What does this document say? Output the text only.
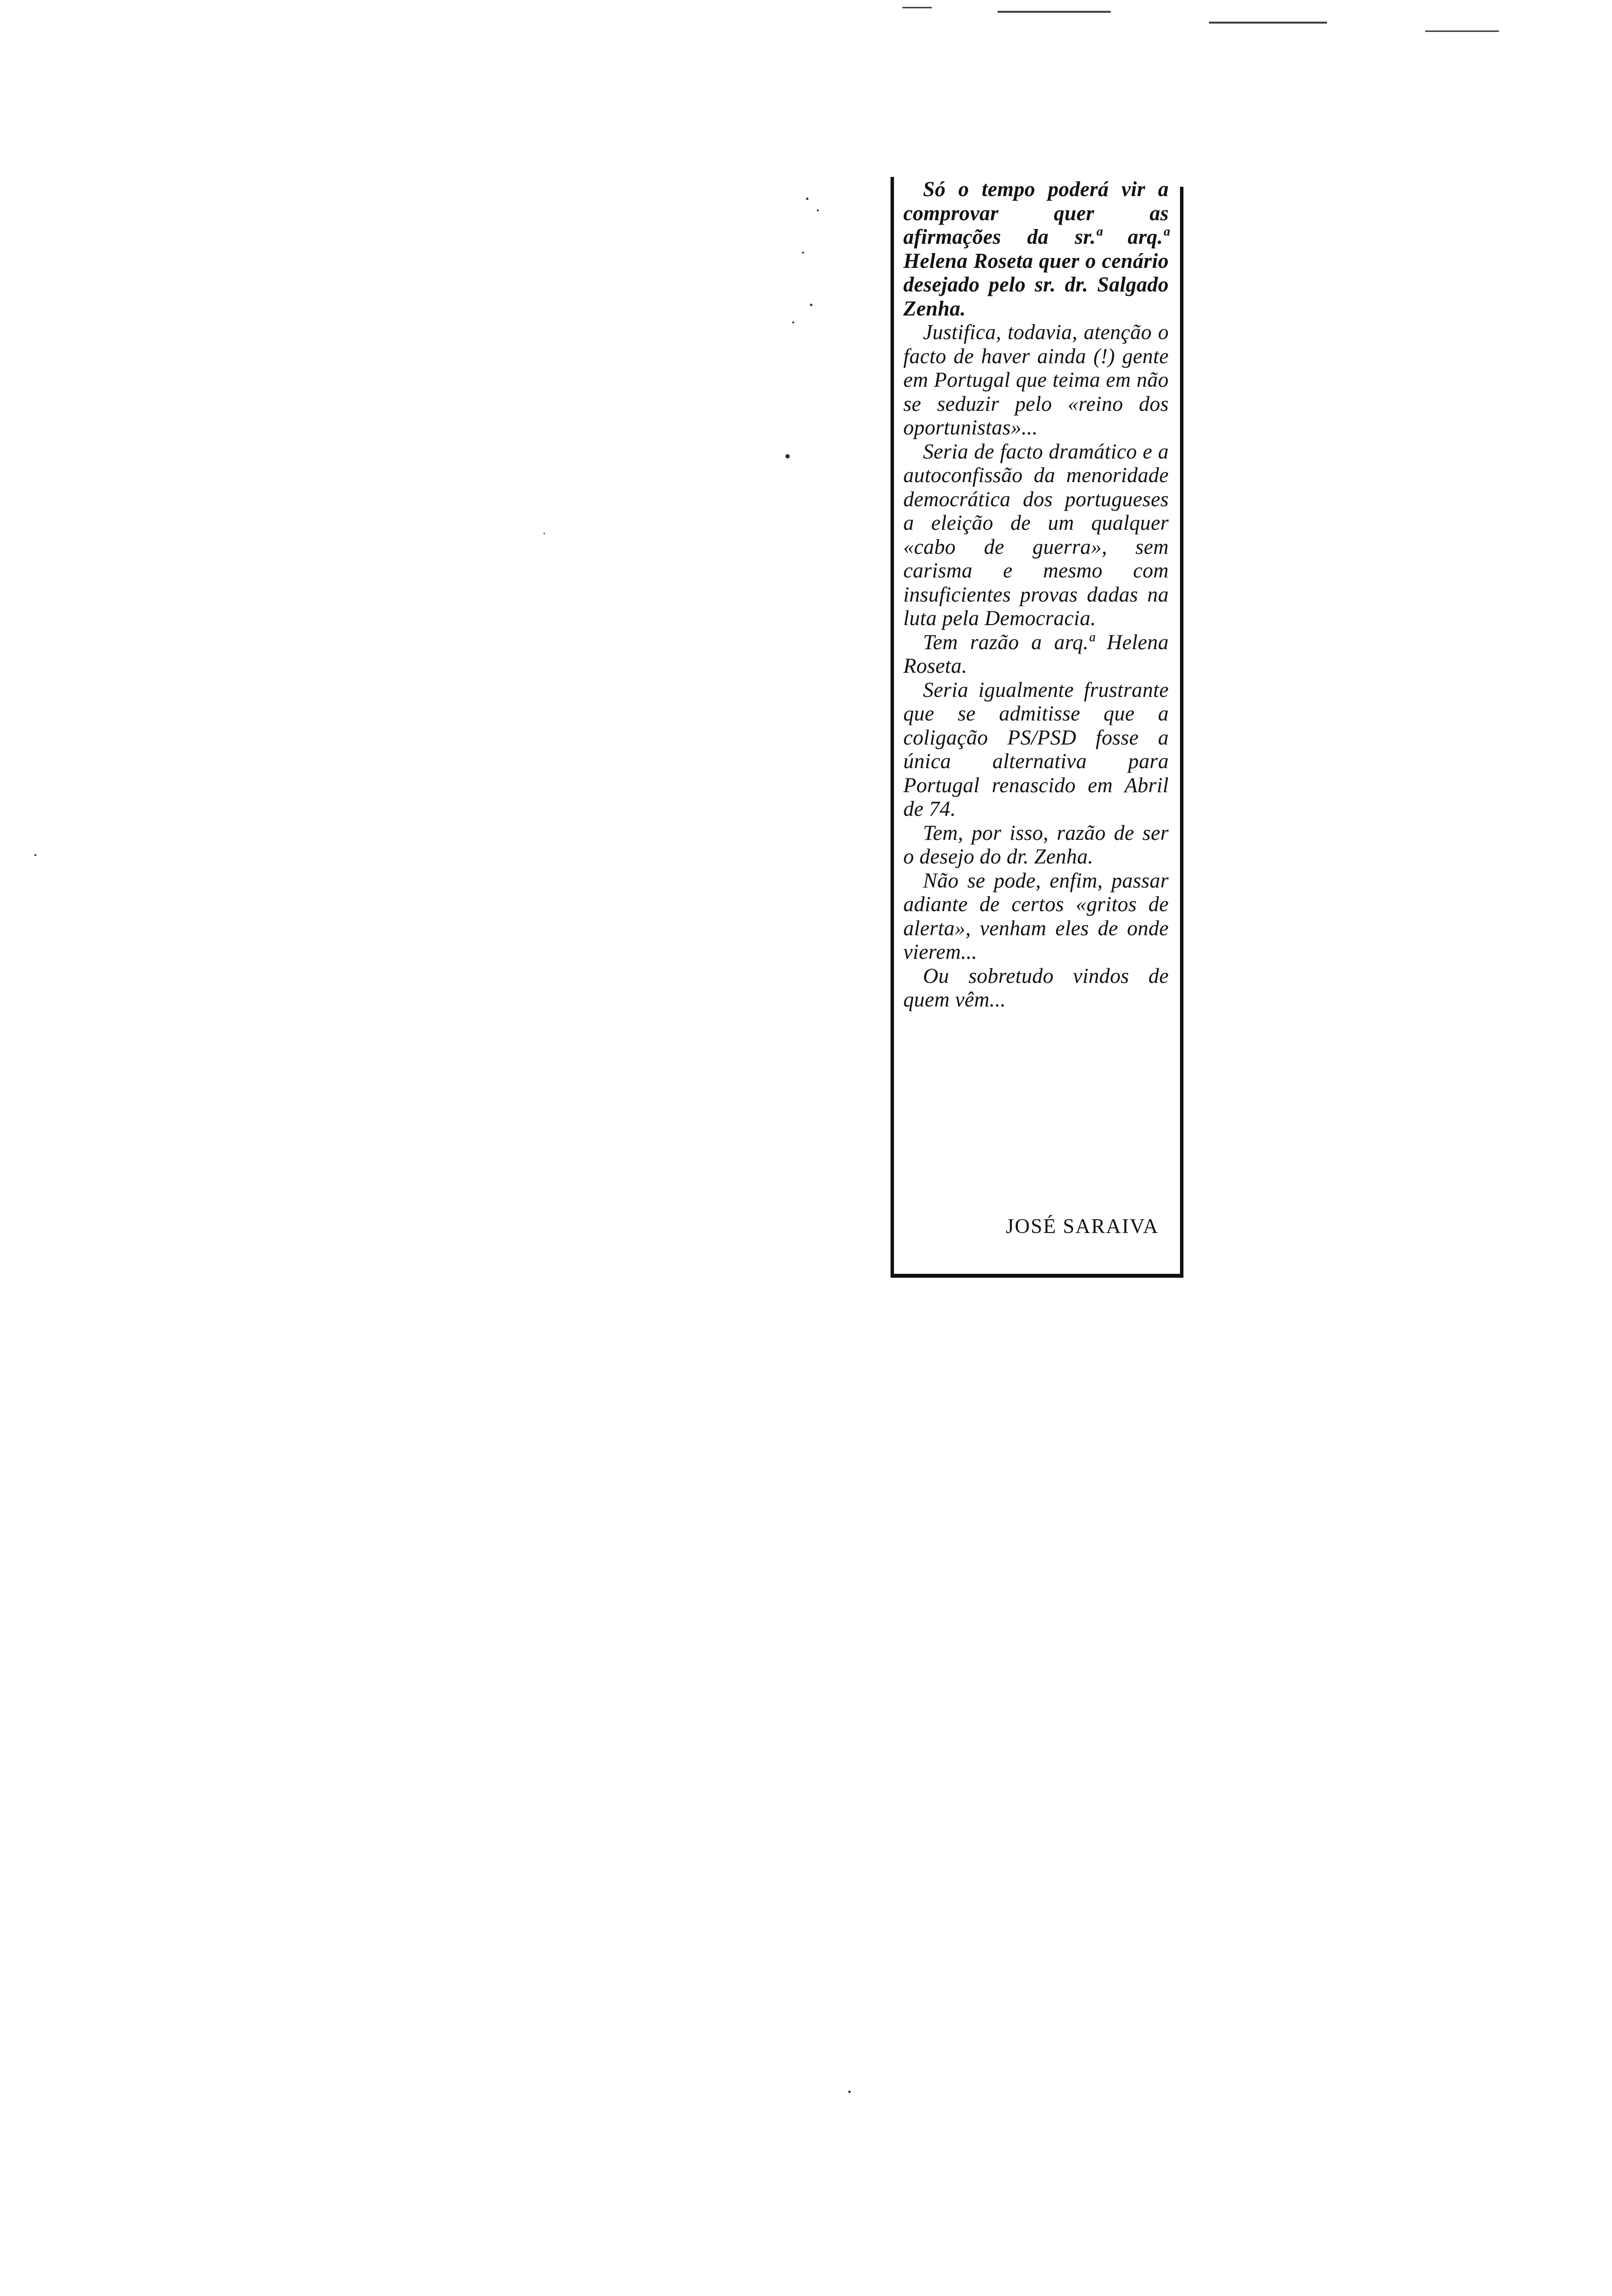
Só o tempo poderá vir a comprovar quer as afirmações da sr.ª arq.ª Helena Roseta quer o cenário desejado pelo sr. dr. Salgado Zenha.

Justifica, todavia, atenção o facto de haver ainda (!) gente em Portugal que teima em não se seduzir pelo «reino dos oportunistas»...

Seria de facto dramático e a autoconfissão da menoridade democrática dos portugueses a eleição de um qualquer «cabo de guerra», sem carisma e mesmo com insuficientes provas dadas na luta pela Democracia.

Tem razão a arq.ª Helena Roseta.

Seria igualmente frustrante que se admitisse que a coligação PS/PSD fosse a única alternativa para Portugal renascido em Abril de 74.

Tem, por isso, razão de ser o desejo do dr. Zenha.

Não se pode, enfim, passar adiante de certos «gritos de alerta», venham eles de onde vierem...

Ou sobretudo vindos de quem vêm...

JOSÉ SARAIVA
